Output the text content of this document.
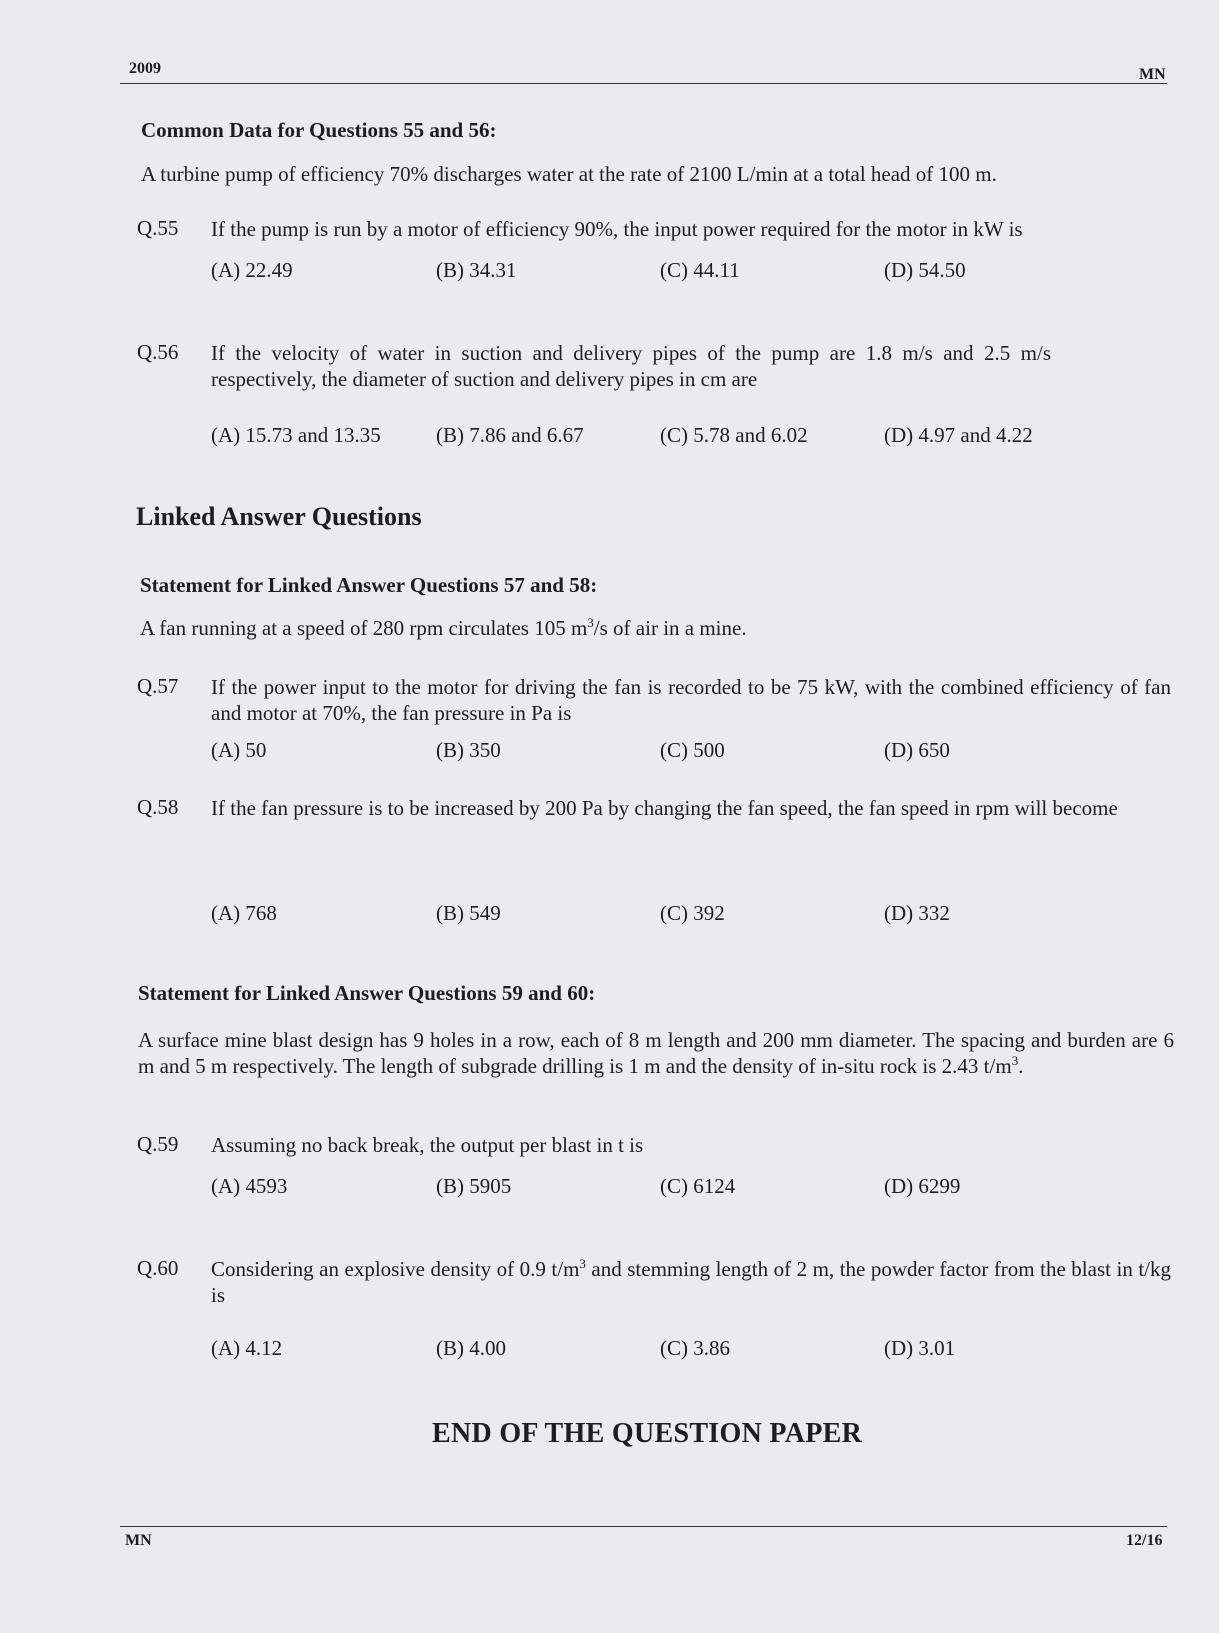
2009	MN
Common Data for Questions 55 and 56:
A turbine pump of efficiency 70% discharges water at the rate of 2100 L/min at a total head of 100 m.
Q.55 If the pump is run by a motor of efficiency 90%, the input power required for the motor in kW is
(A) 22.49	(B) 34.31	(C) 44.11	(D) 54.50
Q.56 If the velocity of water in suction and delivery pipes of the pump are 1.8 m/s and 2.5 m/s respectively, the diameter of suction and delivery pipes in cm are
(A) 15.73 and 13.35	(B) 7.86 and 6.67	(C) 5.78 and 6.02	(D) 4.97 and 4.22
Linked Answer Questions
Statement for Linked Answer Questions 57 and 58:
A fan running at a speed of 280 rpm circulates 105 $m^3/s$ of air in a mine.
Q.57 If the power input to the motor for driving the fan is recorded to be 75 kW, with the combined efficiency of fan and motor at 70%, the fan pressure in Pa is
(A) 50	(B) 350	(C) 500	(D) 650
Q.58 If the fan pressure is to be increased by 200 Pa by changing the fan speed, the fan speed in rpm will become
(A) 768	(B) 549	(C) 392	(D) 332
Statement for Linked Answer Questions 59 and 60:
A surface mine blast design has 9 holes in a row, each of 8 m length and 200 mm diameter. The spacing and burden are 6 m and 5 m respectively. The length of subgrade drilling is 1 m and the density of in-situ rock is 2.43 $t/m^3$.
Q.59 Assuming no back break, the output per blast in t is
(A) 4593	(B) 5905	(C) 6124	(D) 6299
Q.60 Considering an explosive density of 0.9 $t/m^3$ and stemming length of 2 m, the powder factor from the blast in t/kg is
(A) 4.12	(B) 4.00	(C) 3.86	(D) 3.01
END OF THE QUESTION PAPER
MN	12/16
